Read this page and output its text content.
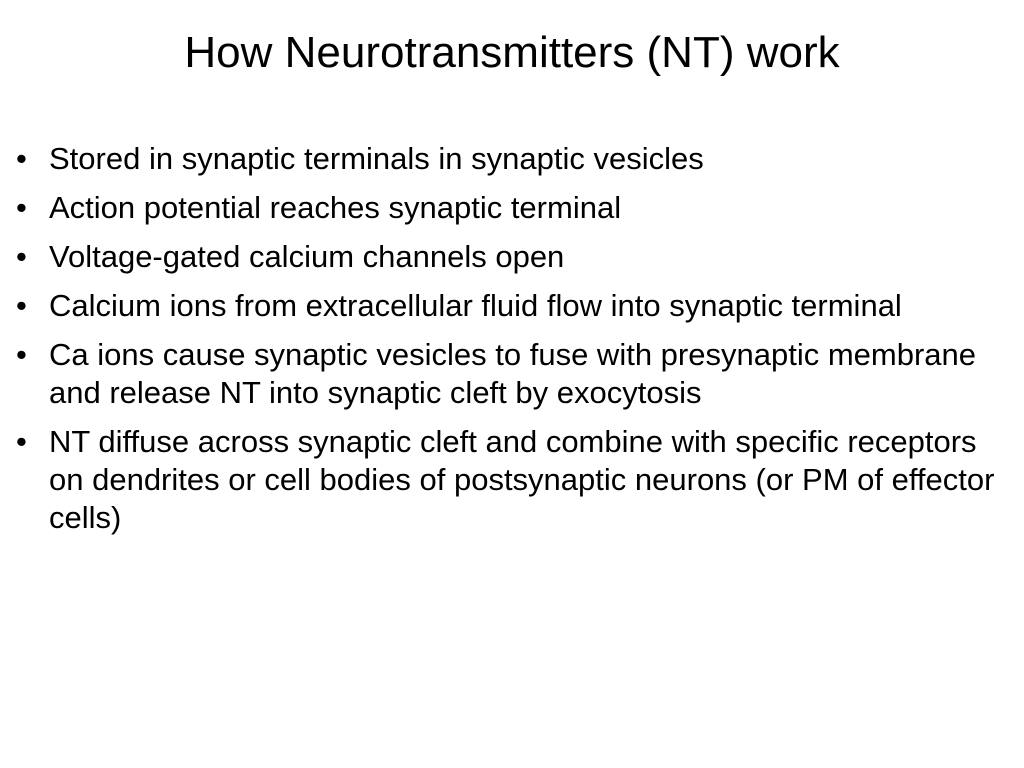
How Neurotransmitters (NT) work
• Stored in synaptic terminals in synaptic vesicles
• Action potential reaches synaptic terminal
• Voltage-gated calcium channels open
• Calcium ions from extracellular fluid flow into synaptic terminal
• Ca ions cause synaptic vesicles to fuse with presynaptic membrane and release NT into synaptic cleft by exocytosis
• NT diffuse across synaptic cleft and combine with specific receptors on dendrites or cell bodies of postsynaptic neurons (or PM of effector cells)
